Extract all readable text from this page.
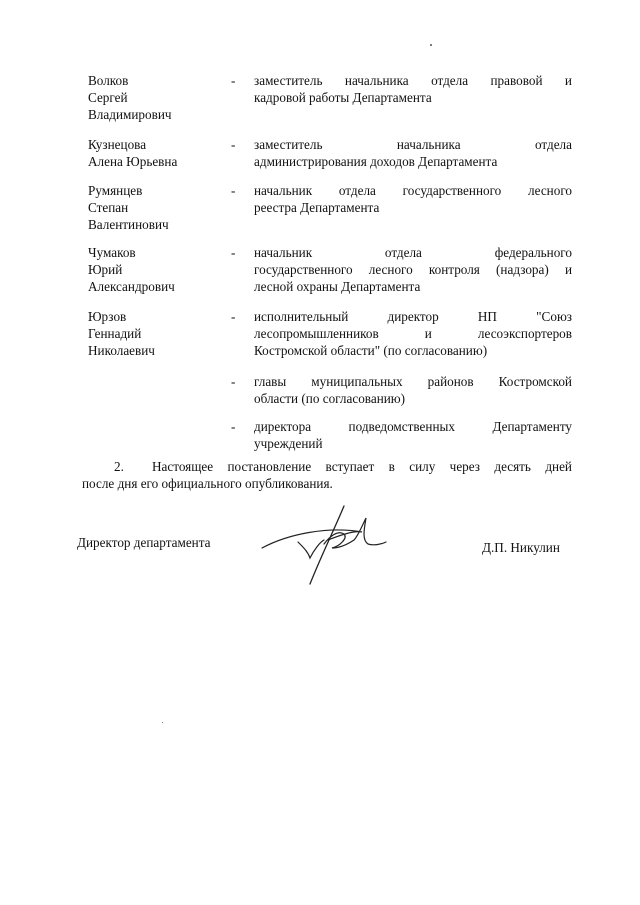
Волков
Сергей
Владимирович
- заместитель начальника отдела правовой и
кадровой работы Департамента
Кузнецова
Алена Юрьевна
- заместитель начальника отдела
администрирования доходов Департамента
Румянцев
Степан
Валентинович
- начальник отдела государственного лесного
реестра Департамента
Чумаков
Юрий
Александрович
- начальник отдела федерального
государственного лесного контроля (надзора) и
лесной охраны Департамента
Юрзов
Геннадий
Николаевич
- исполнительный директор НП "Союз
лесопромышленников и лесоэкспортеров
Костромской области" (по согласованию)
- главы муниципальных районов Костромской
области (по согласованию)
- директора подведомственных Департаменту
учреждений
2. Настоящее постановление вступает в силу через десять дней
после дня его официального опубликования.
Директор департамента	Д.П. Никулин
